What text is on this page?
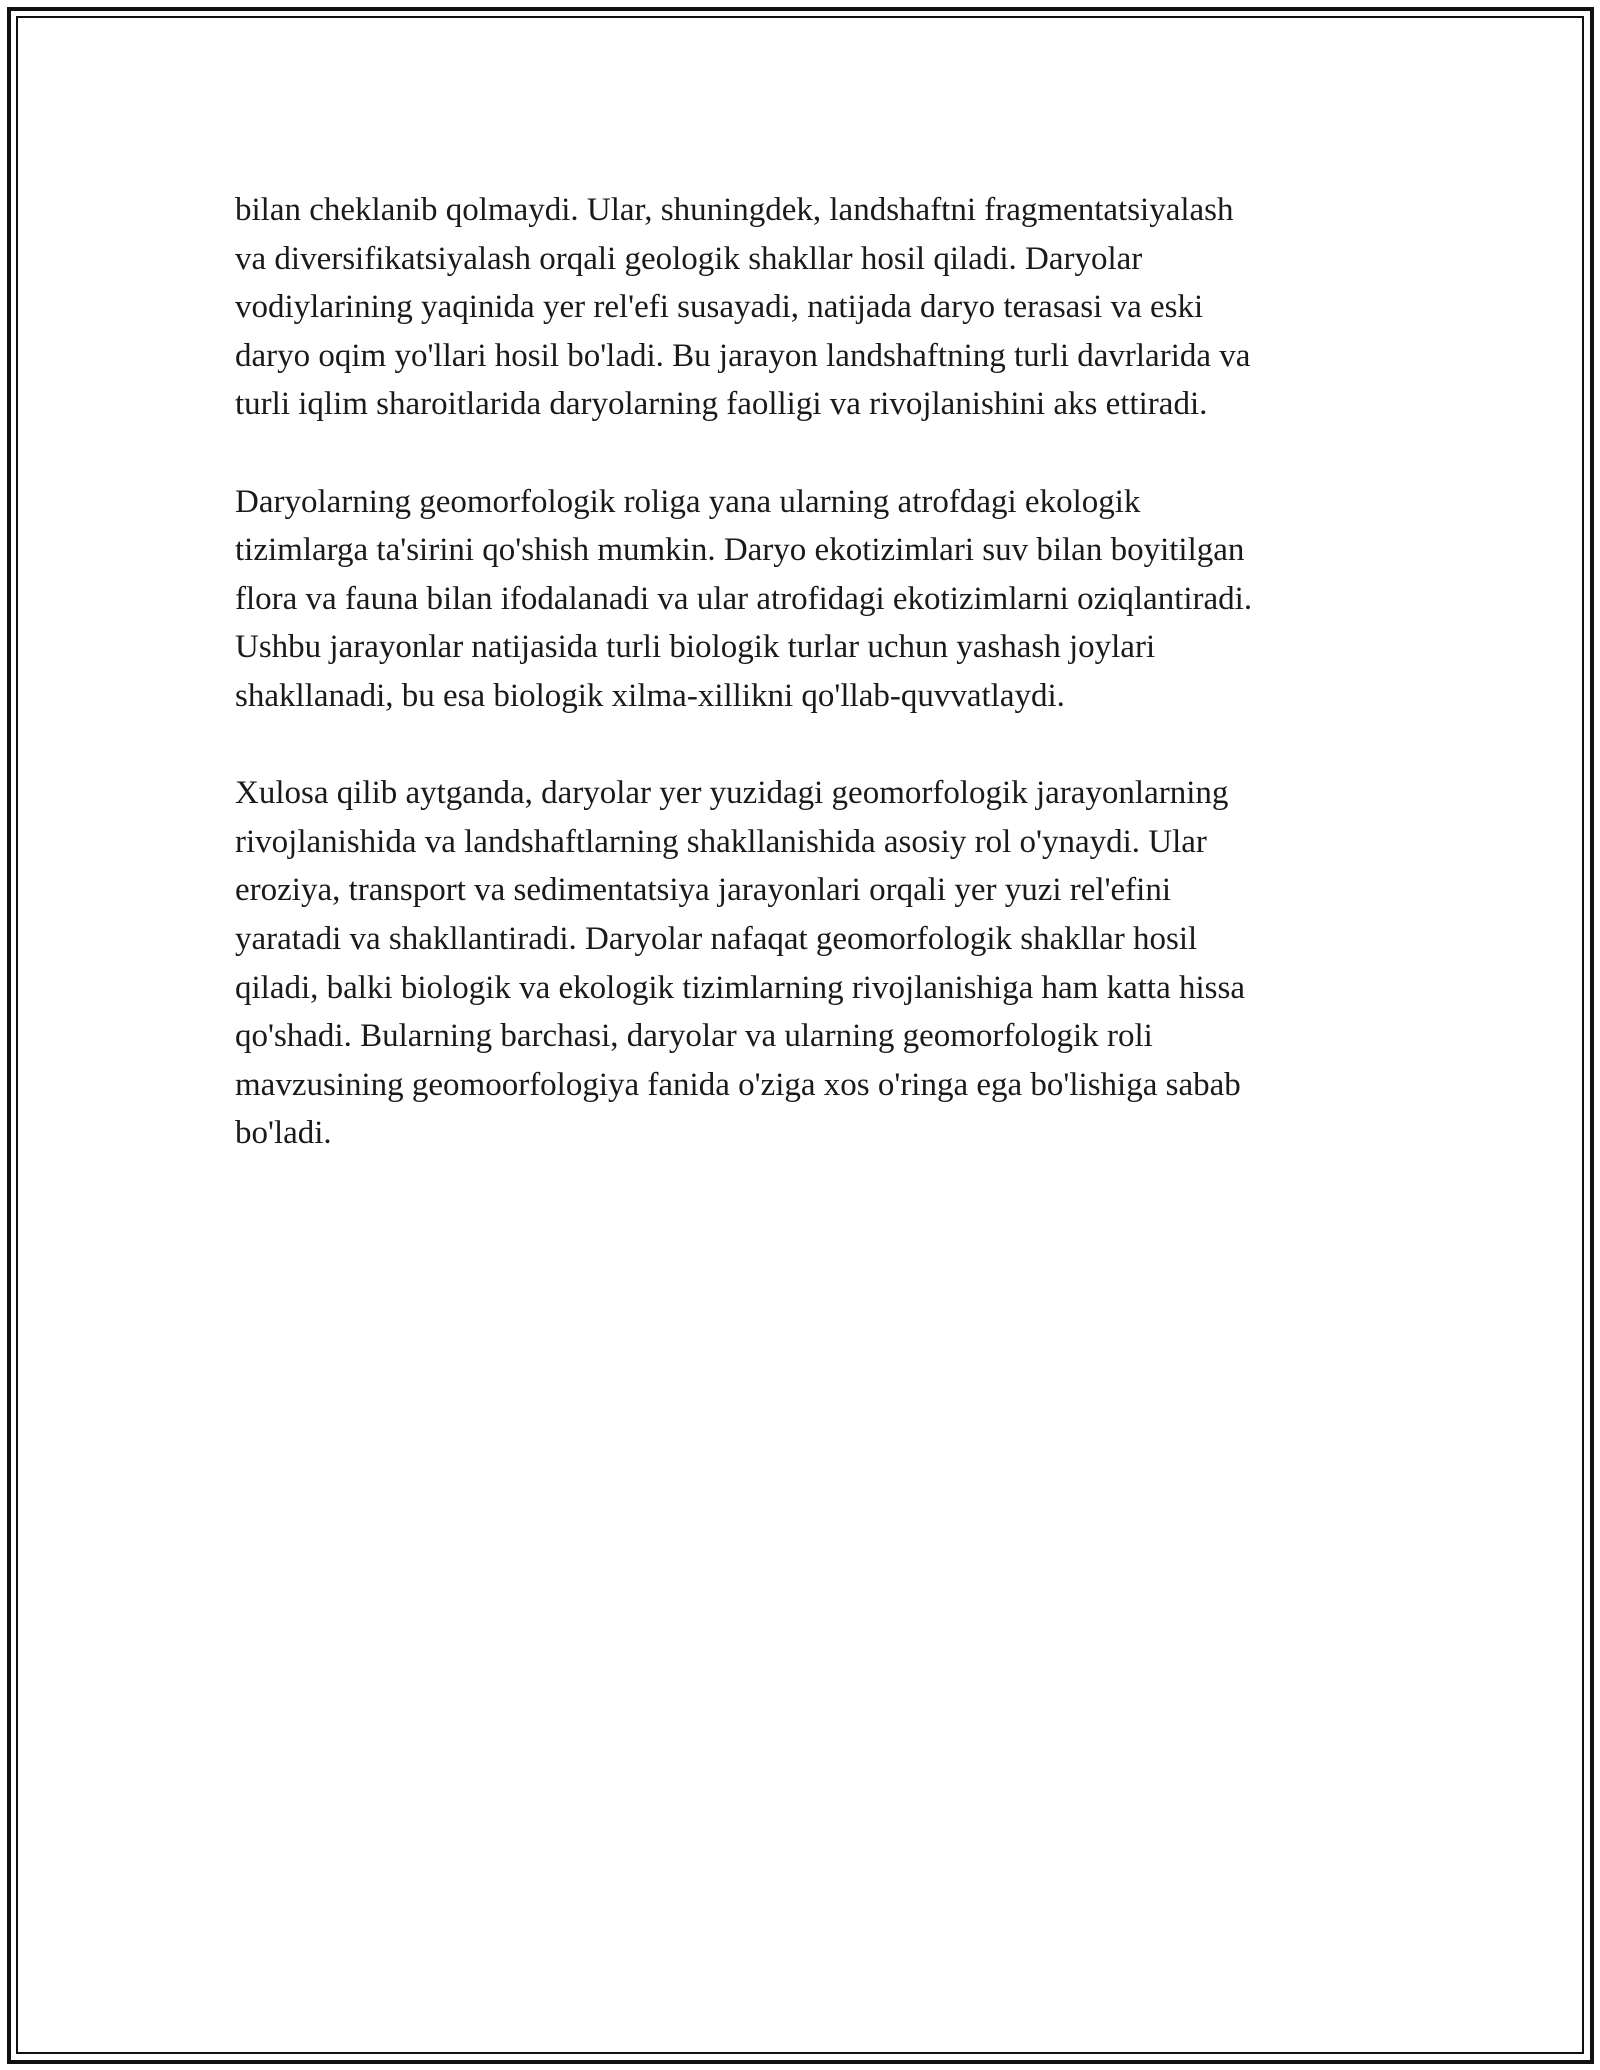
bilan cheklanib qolmaydi. Ular, shuningdek, landshaftni fragmentatsiyalash
va diversifikatsiyalash orqali geologik shakllar hosil qiladi. Daryolar
vodiylarining yaqinida yer rel'efi susayadi, natijada daryo terasasi va eski
daryo oqim yo'llari hosil bo'ladi. Bu jarayon landshaftning turli davrlarida va
turli iqlim sharoitlarida daryolarning faolligi va rivojlanishini aks ettiradi.

Daryolarning geomorfologik roliga yana ularning atrofdagi ekologik
tizimlarga ta'sirini qo'shish mumkin. Daryo ekotizimlari suv bilan boyitilgan
flora va fauna bilan ifodalanadi va ular atrofidagi ekotizimlarni oziqlantiradi.
Ushbu jarayonlar natijasida turli biologik turlar uchun yashash joylari
shakllanadi, bu esa biologik xilma-xillikni qo'llab-quvvatlaydi.

Xulosa qilib aytganda, daryolar yer yuzidagi geomorfologik jarayonlarning
rivojlanishida va landshaftlarning shakllanishida asosiy rol o'ynaydi. Ular
eroziya, transport va sedimentatsiya jarayonlari orqali yer yuzi rel'efini
yaratadi va shakllantiradi. Daryolar nafaqat geomorfologik shakllar hosil
qiladi, balki biologik va ekologik tizimlarning rivojlanishiga ham katta hissa
qo'shadi. Bularning barchasi, daryolar va ularning geomorfologik roli
mavzusining geomoorfologiya fanida o'ziga xos o'ringa ega bo'lishiga sabab
bo'ladi.
